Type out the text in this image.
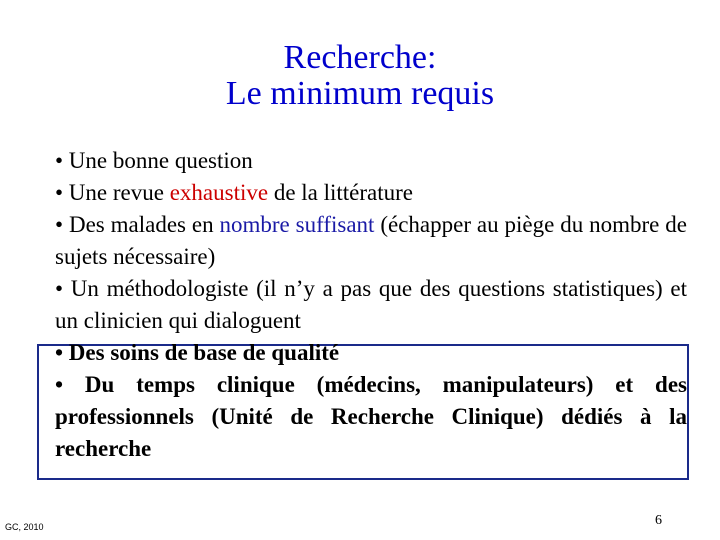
Recherche:
Le minimum requis

• Une bonne question

• Une revue exhaustive de la littérature

• Des malades en nombre suffisant (échapper au piège du nombre de sujets nécessaire)

• Un méthodologiste (il n’y a pas que des questions statistiques) et un clinicien qui dialoguent

• Des soins de base de qualité

• Du temps clinique (médecins, manipulateurs) et des professionnels (Unité de Recherche Clinique) dédiés à la recherche

GC, 2010	6
